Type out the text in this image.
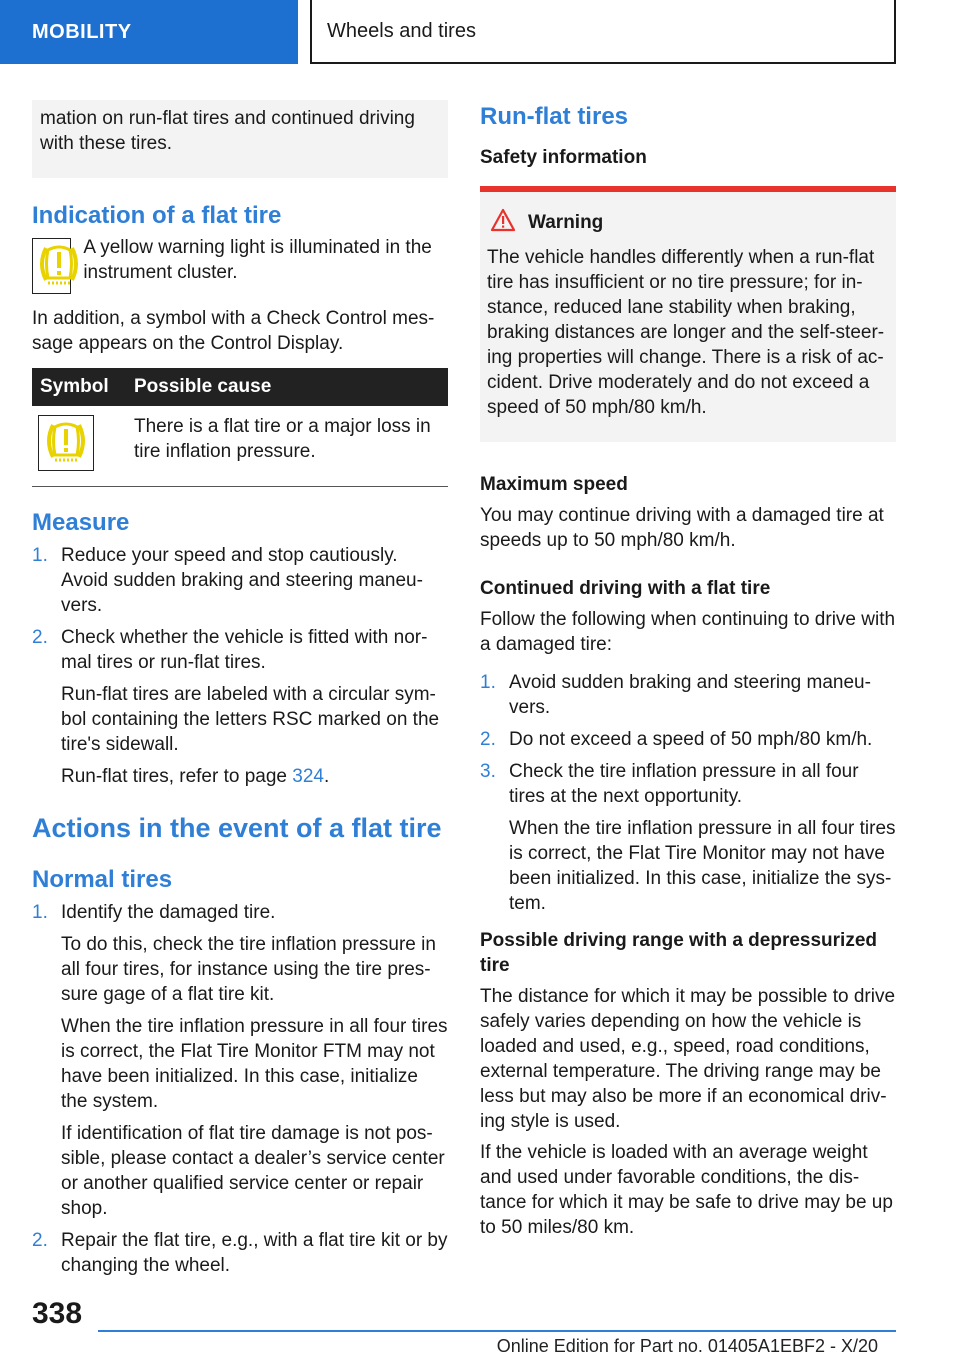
MOBILITY	Wheels and tires

mation on run-flat tires and continued driving with these tires.

Indication of a flat tire

A yellow warning light is illuminated in the instrument cluster.

In addition, a symbol with a Check Control mes-sage appears on the Control Display.

Symbol	Possible cause

	There is a flat tire or a major loss in tire inflation pressure.
Measure
1. Reduce your speed and stop cautiously. Avoid sudden braking and steering maneu-vers.
2. Check whether the vehicle is fitted with nor-mal tires or run-flat tires.

Run-flat tires are labeled with a circular sym-bol containing the letters RSC marked on the tire's sidewall.

Run-flat tires, refer to page 324.

Actions in the event of a flat tire
Normal tires
1. Identify the damaged tire.

To do this, check the tire inflation pressure in all four tires, for instance using the tire pres-sure gage of a flat tire kit.

When the tire inflation pressure in all four tires is correct, the Flat Tire Monitor FTM may not have been initialized. In this case, initialize the system.

If identification of flat tire damage is not pos-sible, please contact a dealer’s service center or another qualified service center or repair shop.

2. Repair the flat tire, e.g., with a flat tire kit or by changing the wheel.
Run-flat tires
Safety information
Warning

The vehicle handles differently when a run-flat tire has insufficient or no tire pressure; for in-stance, reduced lane stability when braking, braking distances are longer and the self-steer-ing properties will change. There is a risk of ac-cident. Drive moderately and do not exceed a speed of 50 mph/80 km/h.

Maximum speed

You may continue driving with a damaged tire at speeds up to 50 mph/80 km/h.

Continued driving with a flat tire

Follow the following when continuing to drive with a damaged tire:

1. Avoid sudden braking and steering maneu-vers.
2. Do not exceed a speed of 50 mph/80 km/h.
3. Check the tire inflation pressure in all four tires at the next opportunity.

When the tire inflation pressure in all four tires is correct, the Flat Tire Monitor may not have been initialized. In this case, initialize the sys-tem.

Possible driving range with a depressurized tire

The distance for which it may be possible to drive safely varies depending on how the vehicle is loaded and used, e.g., speed, road conditions, external temperature. The driving range may be less but may also be more if an economical driv-ing style is used.

If the vehicle is loaded with an average weight and used under favorable conditions, the dis-tance for which it may be safe to drive may be up to 50 miles/80 km.

338
Online Edition for Part no. 01405A1EBF2 - X/20
